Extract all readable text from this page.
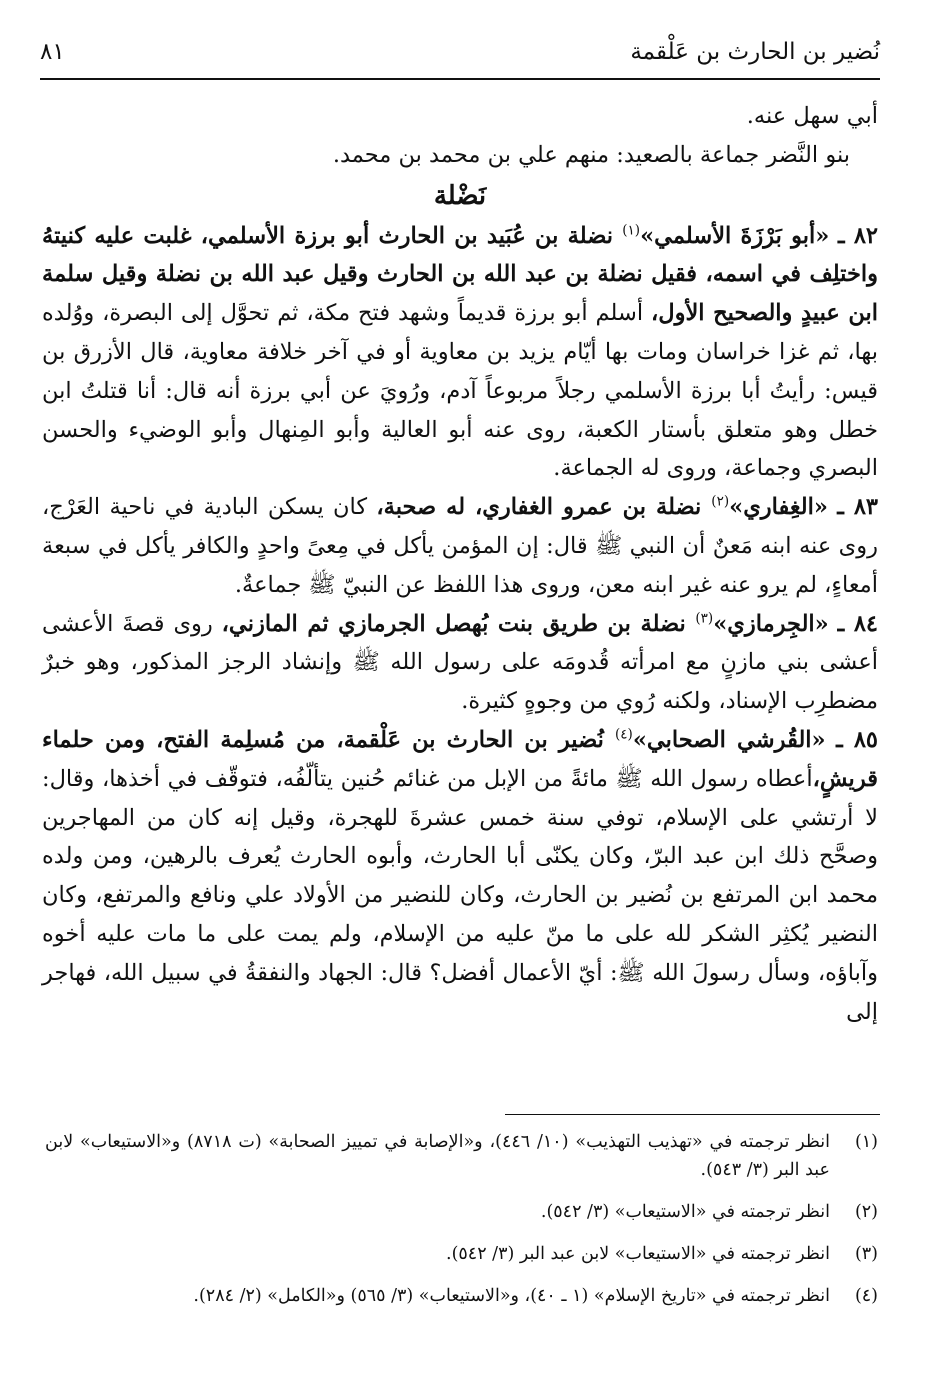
نُضير بن الحارث بن عَلْقمة
٨١

أبي سهل عنه.

بنو النَّضر جماعة بالصعيد: منهم علي بن محمد بن محمد.

نَضْلة

٨٢ ـ «أبو بَرْزَةَ الأسلمي»$^{(١)}$ نضلة بن عُبَيد بن الحارث أبو برزة الأسلمي، غلبت عليه كنيتهُ واختلِف في اسمه، فقيل نضلة بن عبد الله بن الحارث وقيل عبد الله بن نضلة وقيل سلمة ابن عبيدٍ والصحيح الأول، أسلم أبو برزة قديماً وشهد فتح مكة، ثم تحوَّل إلى البصرة، ووُلده بها، ثم غزا خراسان ومات بها أيّام يزيد بن معاوية أو في آخر خلافة معاوية، قال الأزرق بن قيس: رأيتُ أبا برزة الأسلمي رجلاً مربوعاً آدم، ورُويَ عن أبي برزة أنه قال: أنا قتلتُ ابن خطل وهو متعلق بأستار الكعبة، روى عنه أبو العالية وأبو المِنهال وأبو الوضيء والحسن البصري وجماعة، وروى له الجماعة.

٨٣ ـ «الغِفاري»$^{(٢)}$ نضلة بن عمرو الغفاري، له صحبة، كان يسكن البادية في ناحية العَرْج، روى عنه ابنه مَعنٌ أن النبي ﷺ قال: إن المؤمن يأكل في مِعىً واحدٍ والكافر يأكل في سبعة أمعاءٍ، لم يرو عنه غير ابنه معن، وروى هذا اللفظ عن النبيّ ﷺ جماعةٌ.

٨٤ ـ «الجِرمازي»$^{(٣)}$ نضلة بن طريق بنت بُهصل الجرمازي ثم المازني، روى قصةَ الأعشى أعشى بني مازنٍ مع امرأته قُدومَه على رسول الله ﷺ وإنشاد الرجز المذكور، وهو خبرٌ مضطرِب الإسناد، ولكنه رُوي من وجوهٍ كثيرة.

٨٥ ـ «القُرشي الصحابي»$^{(٤)}$ نُضير بن الحارث بن عَلْقمة، من مُسلِمة الفتح، ومن حلماء قريشٍ،أعطاه رسول الله ﷺ مائةً من الإبل من غنائم حُنين يتألّفُه، فتوقّف في أخذها، وقال: لا أرتشي على الإسلام، توفي سنة خمس عشرةَ للهجرة، وقيل إنه كان من المهاجرين وصحَّح ذلك ابن عبد البرّ، وكان يكنّى أبا الحارث، وأبوه الحارث يُعرف بالرهين، ومن ولده محمد ابن المرتفع بن نُضير بن الحارث، وكان للنضير من الأولاد علي ونافع والمرتفع، وكان النضير يُكثِر الشكر لله على ما منّ عليه من الإسلام، ولم يمت على ما مات عليه أخوه وآباؤه، وسأل رسولَ الله ﷺ: أيّ الأعمال أفضل؟ قال: الجهاد والنفقةُ في سبيل الله، فهاجر إلى

(١)
انظر ترجمته في «تهذيب التهذيب» (١٠/ ٤٤٦)، و«الإصابة في تمييز الصحابة» (ت ٨٧١٨) و«الاستيعاب» لابن عبد البر (٣/ ٥٤٣).
(٢)
انظر ترجمته في «الاستيعاب» (٣/ ٥٤٢).
(٣)
انظر ترجمته في «الاستيعاب» لابن عبد البر (٣/ ٥٤٢).
(٤)
انظر ترجمته في «تاريخ الإسلام» (١ ـ ٤٠)، و«الاستيعاب» (٣/ ٥٦٥) و«الكامل» (٢/ ٢٨٤).
